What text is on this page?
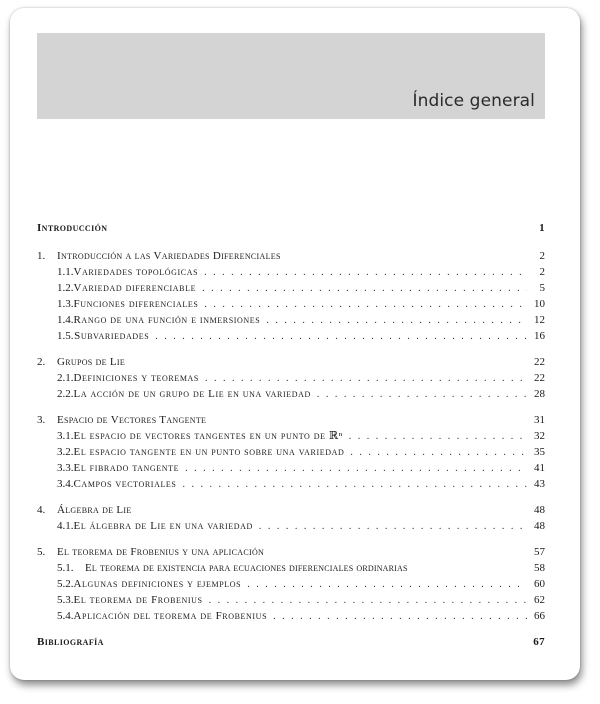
Índice general
Introducción	1
1.	Introducción a las Variedades Diferenciales	2
1.1. Variedades topológicas . . .	2
1.2. Variedad diferenciable . . .	5
1.3. Funciones diferenciales . . .	10
1.4. Rango de una función e inmersiones . . .	12
1.5. Subvariedades . . .	16
2.	Grupos de Lie	22
2.1. Definiciones y teoremas . . .	22
2.2. La acción de un grupo de Lie en una variedad . . .	28
3.	Espacio de Vectores Tangente	31
3.1. El espacio de vectores tangentes en un punto de ℝⁿ . . .	32
3.2. El espacio tangente en un punto sobre una variedad . . .	35
3.3. El fibrado tangente . . .	41
3.4. Campos vectoriales . . .	43
4.	Álgebra de Lie	48
4.1. El álgebra de Lie en una variedad . . .	48
5.	El teorema de Frobenius y una aplicación	57
5.1.	El teorema de existencia para ecuaciones diferenciales ordinarias	58
5.2. Algunas definiciones y ejemplos . . .	60
5.3. El teorema de Frobenius . . .	62
5.4. Aplicación del teorema de Frobenius . . .	66
Bibliografía	67
